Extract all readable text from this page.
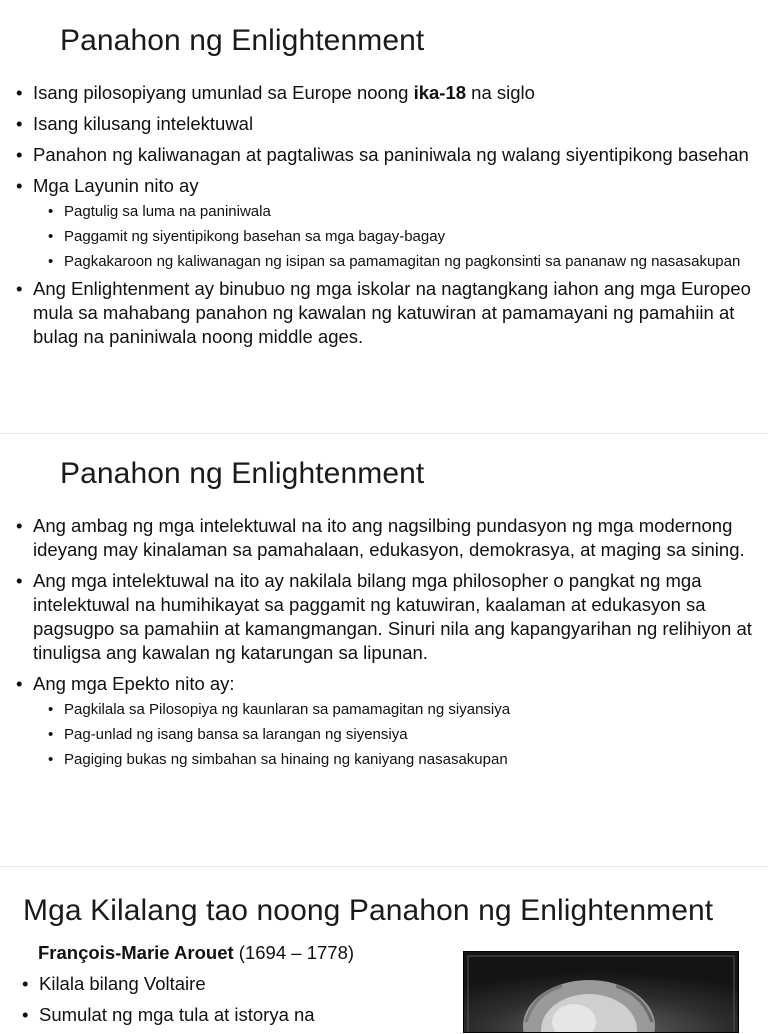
Panahon ng Enlightenment
• Isang pilosopiyang umunlad sa Europe noong ika-18 na siglo
• Isang kilusang intelektuwal
• Panahon ng kaliwanagan at pagtaliwas sa paniniwala ng walang siyentipikong basehan
• Mga Layunin nito ay
• Pagtulig sa luma na paniniwala
• Paggamit ng siyentipikong basehan sa mga bagay-bagay
• Pagkakaroon ng kaliwanagan ng isipan sa pamamagitan ng pagkonsinti sa pananaw ng nasasakupan
• Ang Enlightenment ay binubuo ng mga iskolar na nagtangkang iahon ang mga Europeo mula sa mahabang panahon ng kawalan ng katuwiran at pamamayani ng pamahiin at bulag na paniniwala noong middle ages.
Panahon ng Enlightenment
• Ang ambag ng mga intelektuwal na ito ang nagsilbing pundasyon ng mga modernong ideyang may kinalaman sa pamahalaan, edukasyon, demokrasya, at maging sa sining.
• Ang mga intelektuwal na ito ay nakilala bilang mga philosopher o pangkat ng mga intelektuwal na humihikayat sa paggamit ng katuwiran, kaalaman at edukasyon sa pagsugpo sa pamahiin at kamangmangan. Sinuri nila ang kapangyarihan ng relihiyon at tinuligsa ang kawalan ng katarungan sa lipunan.
• Ang mga Epekto nito ay:
• Pagkilala sa Pilosopiya ng kaunlaran sa pamamagitan ng siyansiya
• Pag-unlad ng isang bansa sa larangan ng siyensiya
• Pagiging bukas ng simbahan sa hinaing ng kaniyang nasasakupan
Mga Kilalang tao noong Panahon ng Enlightenment
François-Marie Arouet (1694 – 1778)
• Kilala bilang Voltaire
• Sumulat ng mga tula at istorya na
